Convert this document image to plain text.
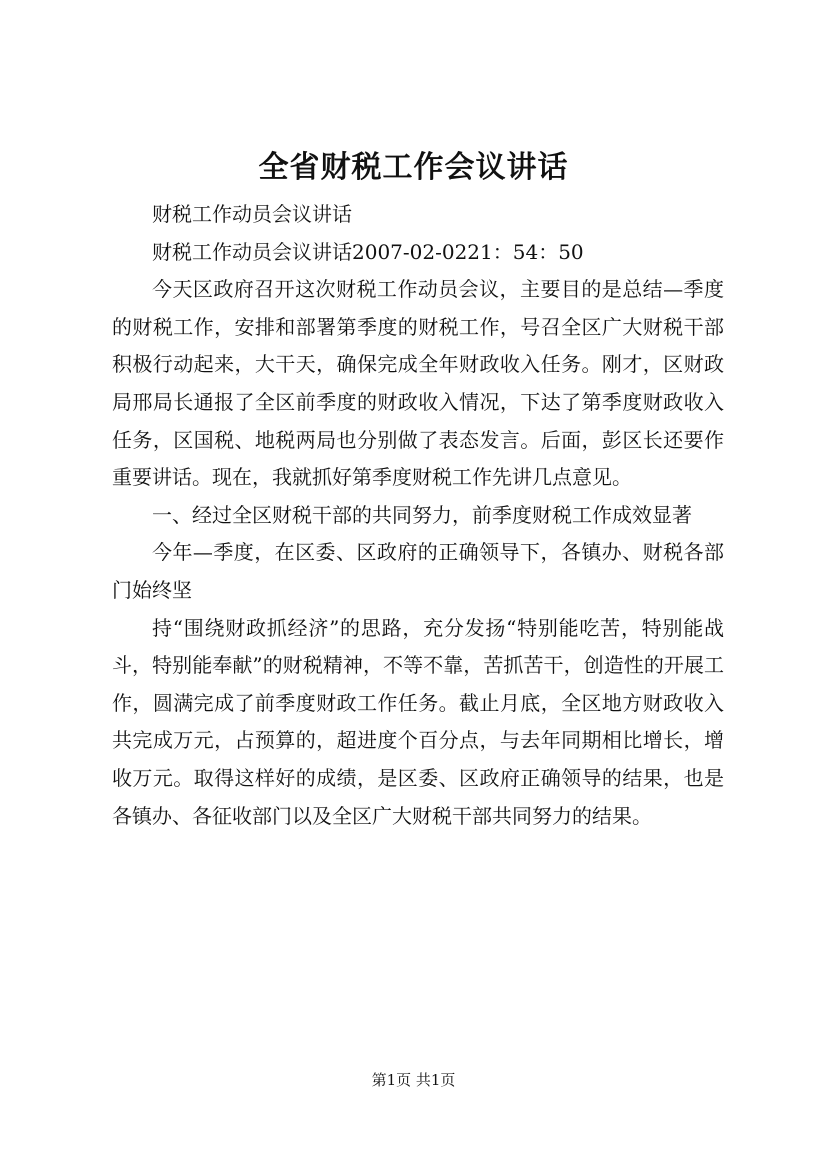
全省财税工作会议讲话

财税工作动员会议讲话

财税工作动员会议讲话2007-02-0221：54：50

今天区政府召开这次财税工作动员会议，主要目的是总结—季度的财税工作，安排和部署第季度的财税工作，号召全区广大财税干部积极行动起来，大干天，确保完成全年财政收入任务。刚才，区财政局邢局长通报了全区前季度的财政收入情况，下达了第季度财政收入任务，区国税、地税两局也分别做了表态发言。后面，彭区长还要作重要讲话。现在，我就抓好第季度财税工作先讲几点意见。

一、经过全区财税干部的共同努力，前季度财税工作成效显著

今年—季度，在区委、区政府的正确领导下，各镇办、财税各部门始终坚

持“围绕财政抓经济”的思路，充分发扬“特别能吃苦，特别能战斗，特别能奉献”的财税精神，不等不靠，苦抓苦干，创造性的开展工作，圆满完成了前季度财政工作任务。截止月底，全区地方财政收入共完成万元，占预算的，超进度个百分点，与去年同期相比增长，增收万元。取得这样好的成绩，是区委、区政府正确领导的结果，也是各镇办、各征收部门以及全区广大财税干部共同努力的结果。

第1页 共1页
